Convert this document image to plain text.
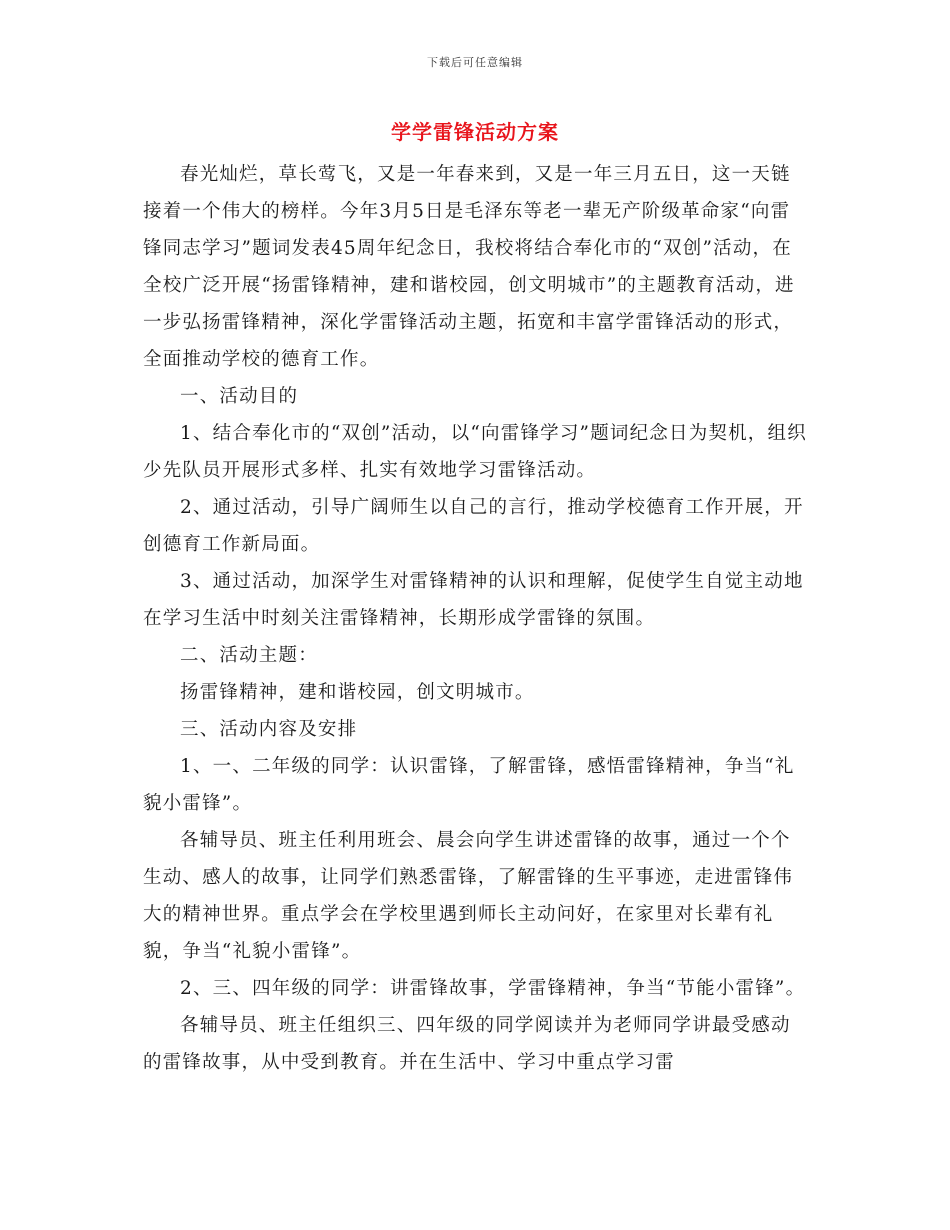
下载后可任意编辑
学学雷锋活动方案

春光灿烂，草长莺飞，又是一年春来到，又是一年三月五日，这一天链接着一个伟大的榜样。今年3月5日是毛泽东等老一辈无产阶级革命家“向雷锋同志学习”题词发表45周年纪念日，我校将结合奉化市的“双创”活动，在全校广泛开展“扬雷锋精神，建和谐校园，创文明城市”的主题教育活动，进一步弘扬雷锋精神，深化学雷锋活动主题，拓宽和丰富学雷锋活动的形式，全面推动学校的德育工作。

一、活动目的

1、结合奉化市的“双创”活动，以“向雷锋学习”题词纪念日为契机，组织少先队员开展形式多样、扎实有效地学习雷锋活动。

2、通过活动，引导广阔师生以自己的言行，推动学校德育工作开展，开创德育工作新局面。

3、通过活动，加深学生对雷锋精神的认识和理解，促使学生自觉主动地在学习生活中时刻关注雷锋精神，长期形成学雷锋的氛围。

二、活动主题：

扬雷锋精神，建和谐校园，创文明城市。

三、活动内容及安排

1、一、二年级的同学：认识雷锋，了解雷锋，感悟雷锋精神，争当“礼貌小雷锋”。

各辅导员、班主任利用班会、晨会向学生讲述雷锋的故事，通过一个个生动、感人的故事，让同学们熟悉雷锋，了解雷锋的生平事迹，走进雷锋伟大的精神世界。重点学会在学校里遇到师长主动问好，在家里对长辈有礼貌，争当“礼貌小雷锋”。

2、三、四年级的同学：讲雷锋故事，学雷锋精神，争当“节能小雷锋”。

各辅导员、班主任组织三、四年级的同学阅读并为老师同学讲最受感动的雷锋故事，从中受到教育。并在生活中、学习中重点学习雷
